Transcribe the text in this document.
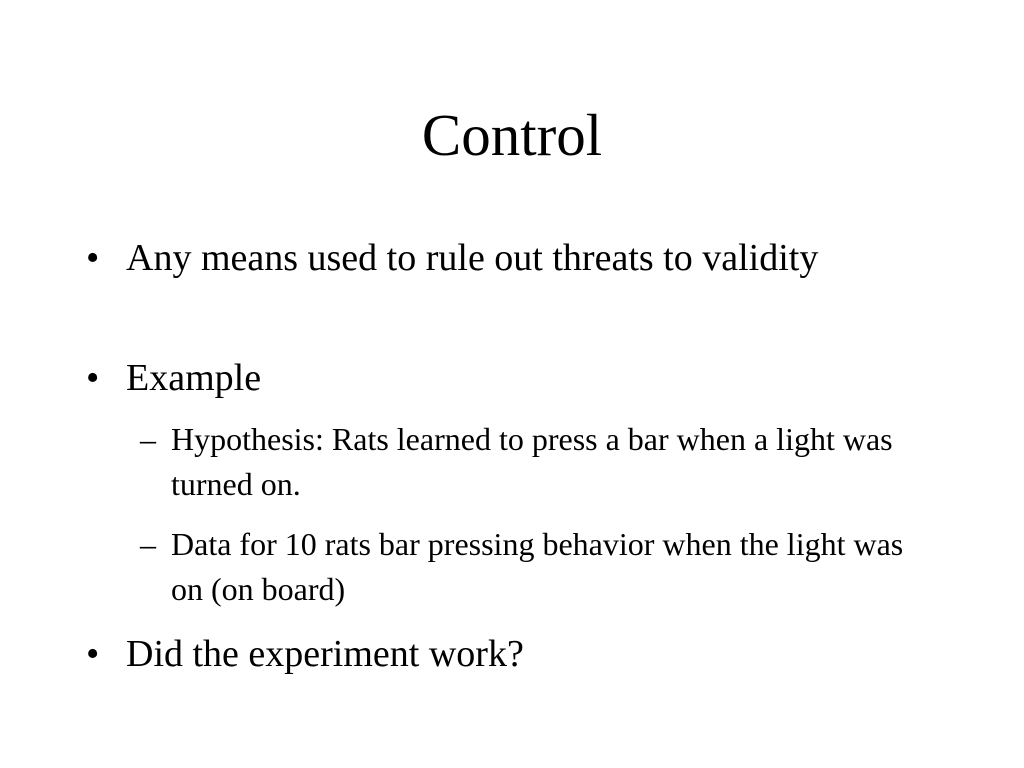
Control
• Any means used to rule out threats to validity
• Example
– Hypothesis: Rats learned to press a bar when a light was turned on.
– Data for 10 rats bar pressing behavior when the light was on (on board)
• Did the experiment work?
